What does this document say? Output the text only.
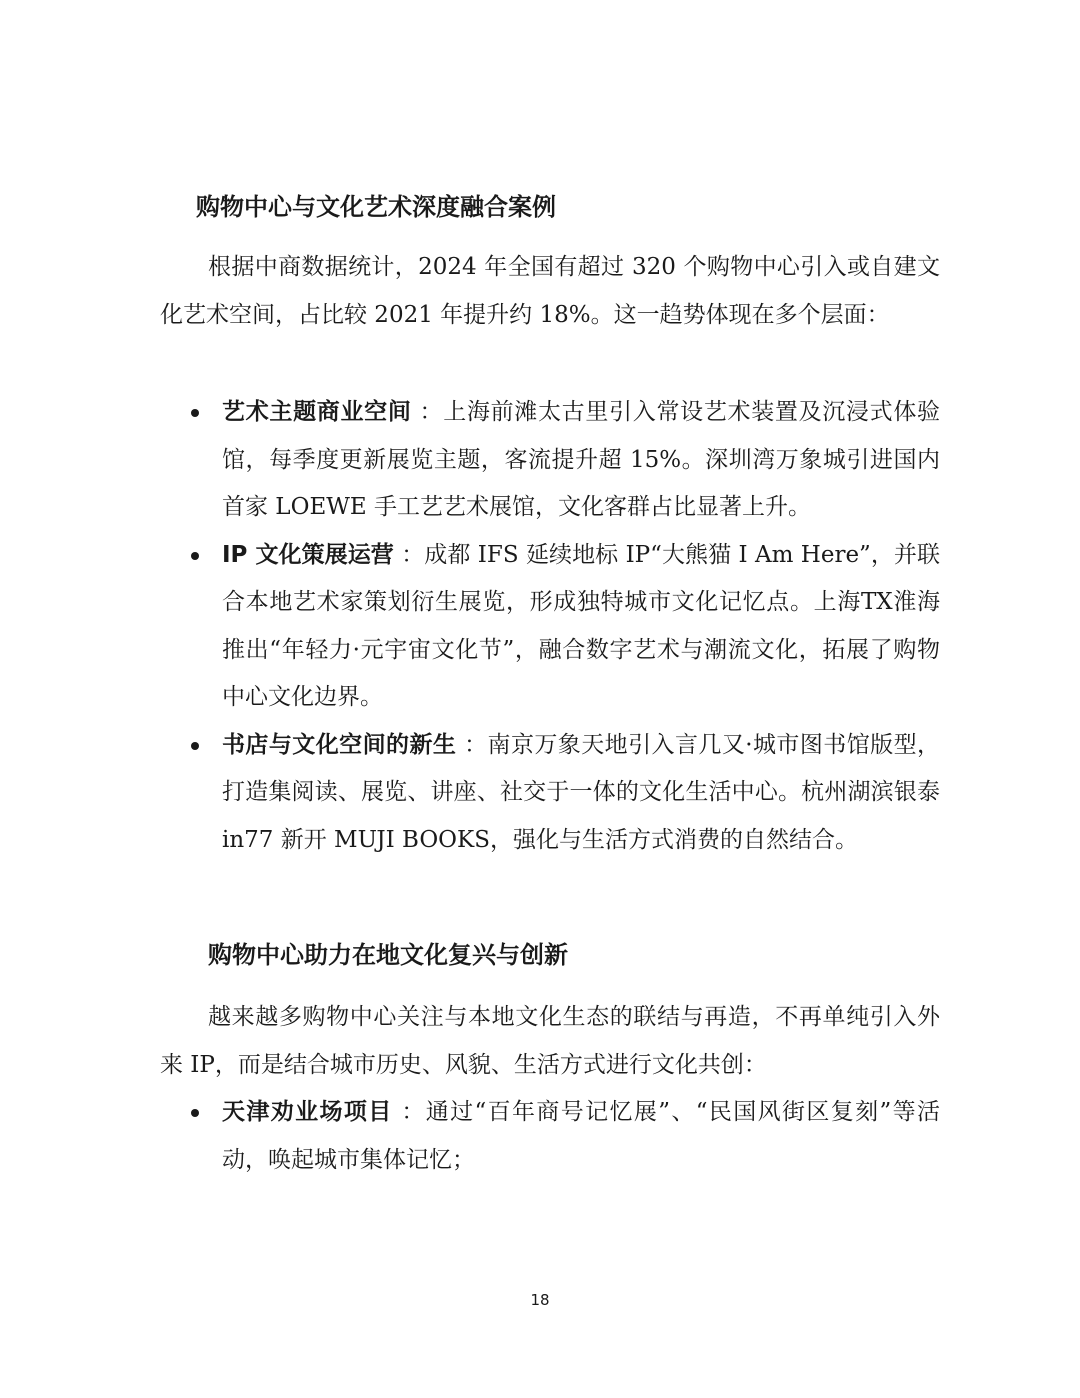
购物中心与文化艺术深度融合案例

根据中商数据统计，2024 年全国有超过 320 个购物中心引入或自建文化艺术空间，占比较 2021 年提升约 18%。这一趋势体现在多个层面：

艺术主题商业空间 ：上海前滩太古里引入常设艺术装置及沉浸式体验馆，每季度更新展览主题，客流提升超 15%。深圳湾万象城引进国内首家 LOEWE 手工艺艺术展馆，文化客群占比显著上升。
IP 文化策展运营 ：成都 IFS 延续地标 IP“大熊猫 I Am Here”，并联合本地艺术家策划衍生展览，形成独特城市文化记忆点。上海TX淮海推出“年轻力·元宇宙文化节”，融合数字艺术与潮流文化，拓展了购物中心文化边界。
书店与文化空间的新生 ：南京万象天地引入言几又·城市图书馆版型，打造集阅读、展览、讲座、社交于一体的文化生活中心。杭州湖滨银泰 in77 新开 MUJI BOOKS，强化与生活方式消费的自然结合。
购物中心助力在地文化复兴与创新

越来越多购物中心关注与本地文化生态的联结与再造，不再单纯引入外来 IP，而是结合城市历史、风貌、生活方式进行文化共创：

天津劝业场项目 ：通过“百年商号记忆展”、“民国风街区复刻”等活动，唤起城市集体记忆；
18
